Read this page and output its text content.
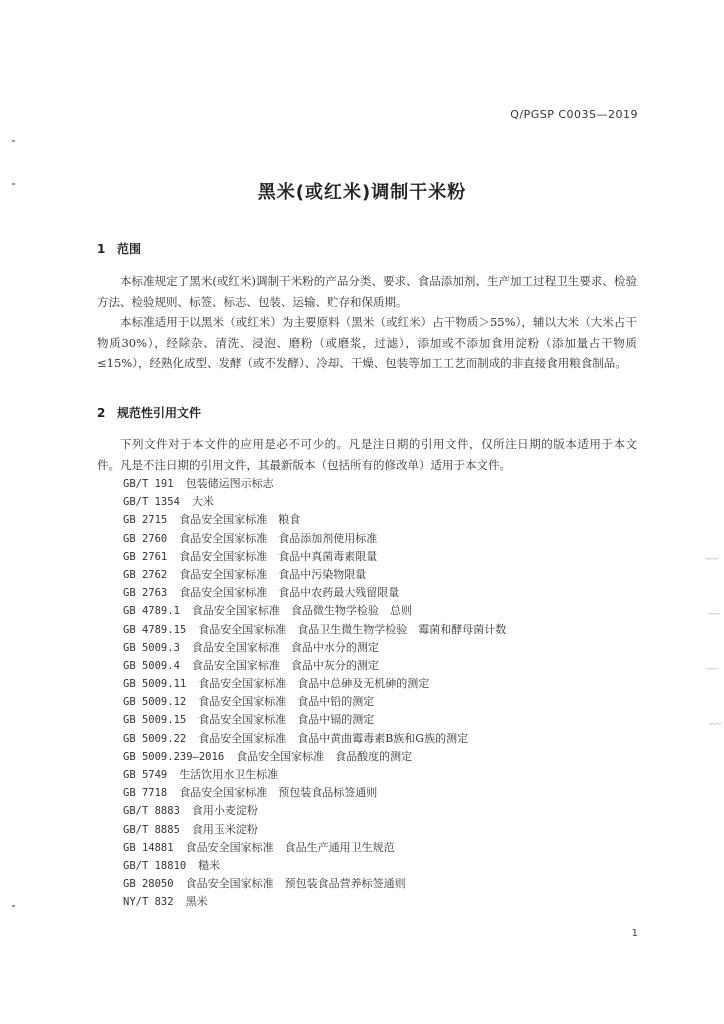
﹏
﹏
﹏
﹏
Q/PGSP C003S—2019
黑米(或红米)调制干米粉
1 范围
本标准规定了黑米(或红米)调制干米粉的产品分类、要求、食品添加剂、生产加工过程卫生要求、检验方法、检验规则、标签、标志、包装、运输、贮存和保质期。
本标准适用于以黑米（或红米）为主要原料（黑米（或红米）占干物质＞55%），辅以大米（大米占干物质30%），经除杂、清洗、浸泡、磨粉（或磨浆，过滤），添加或不添加食用淀粉（添加量占干物质≤15%），经熟化成型、发酵（或不发酵）、冷却、干燥、包装等加工工艺而制成的非直接食用粮食制品。
2 规范性引用文件
下列文件对于本文件的应用是必不可少的。凡是注日期的引用文件，仅所注日期的版本适用于本文件。凡是不注日期的引用文件，其最新版本（包括所有的修改单）适用于本文件。
GB/T 191 包装储运图示标志
GB/T 1354 大米
GB 2715 食品安全国家标准　粮食
GB 2760 食品安全国家标准　食品添加剂使用标准
GB 2761 食品安全国家标准　食品中真菌毒素限量
GB 2762 食品安全国家标准　食品中污染物限量
GB 2763 食品安全国家标准　食品中农药最大残留限量
GB 4789.1 食品安全国家标准　食品微生物学检验　总则
GB 4789.15 食品安全国家标准　食品卫生微生物学检验　霉菌和酵母菌计数
GB 5009.3 食品安全国家标准　食品中水分的测定
GB 5009.4 食品安全国家标准　食品中灰分的测定
GB 5009.11 食品安全国家标准　食品中总砷及无机砷的测定
GB 5009.12 食品安全国家标准　食品中铅的测定
GB 5009.15 食品安全国家标准　食品中镉的测定
GB 5009.22 食品安全国家标准　食品中黄曲霉毒素B族和G族的测定
GB 5009.239—2016 食品安全国家标准　食品酸度的测定
GB 5749 生活饮用水卫生标准
GB 7718 食品安全国家标准　预包装食品标签通则
GB/T 8883 食用小麦淀粉
GB/T 8885 食用玉米淀粉
GB 14881 食品安全国家标准　食品生产通用卫生规范
GB/T 18810 糙米
GB 28050 食品安全国家标准　预包装食品营养标签通则
NY/T 832 黑米
1
